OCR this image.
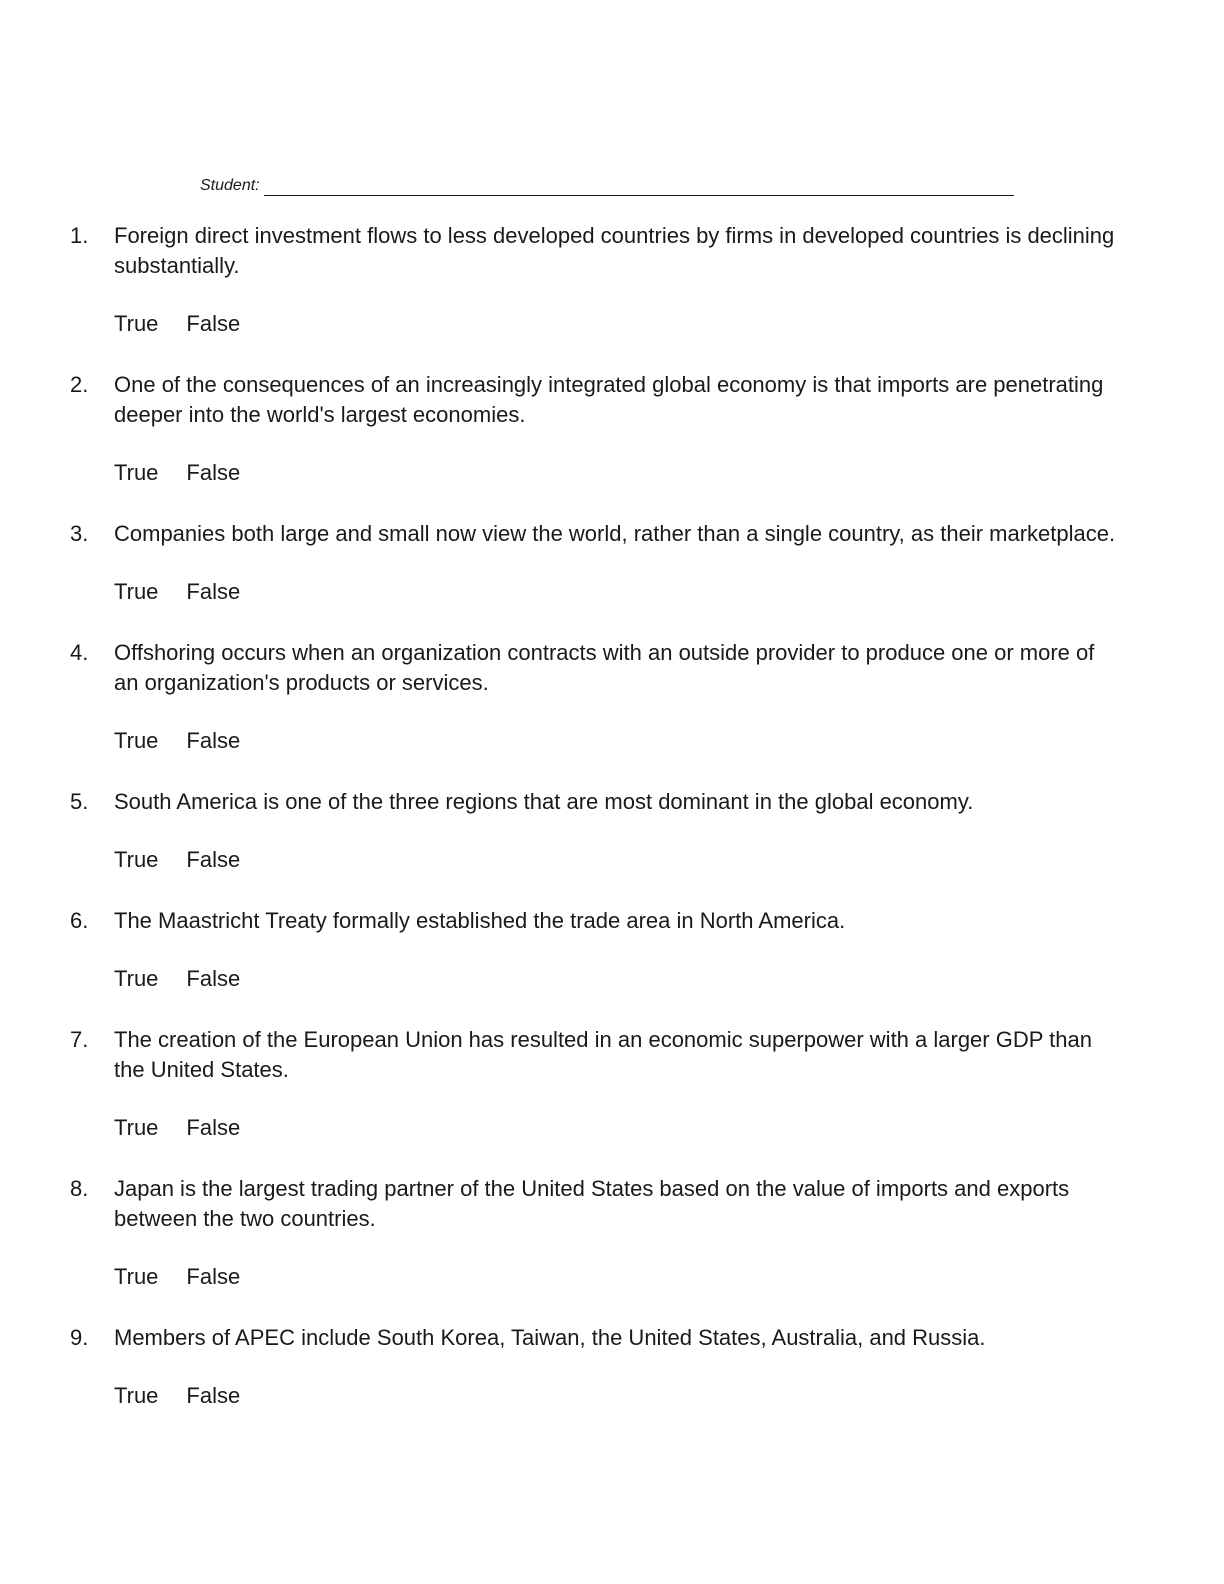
Student:
1. Foreign direct investment flows to less developed countries by firms in developed countries is declining substantially.
True False
2. One of the consequences of an increasingly integrated global economy is that imports are penetrating deeper into the world's largest economies.
True False
3. Companies both large and small now view the world, rather than a single country, as their marketplace.
True False
4. Offshoring occurs when an organization contracts with an outside provider to produce one or more of an organization's products or services.
True False
5. South America is one of the three regions that are most dominant in the global economy.
True False
6. The Maastricht Treaty formally established the trade area in North America.
True False
7. The creation of the European Union has resulted in an economic superpower with a larger GDP than the United States.
True False
8. Japan is the largest trading partner of the United States based on the value of imports and exports between the two countries.
True False
9. Members of APEC include South Korea, Taiwan, the United States, Australia, and Russia.
True False
